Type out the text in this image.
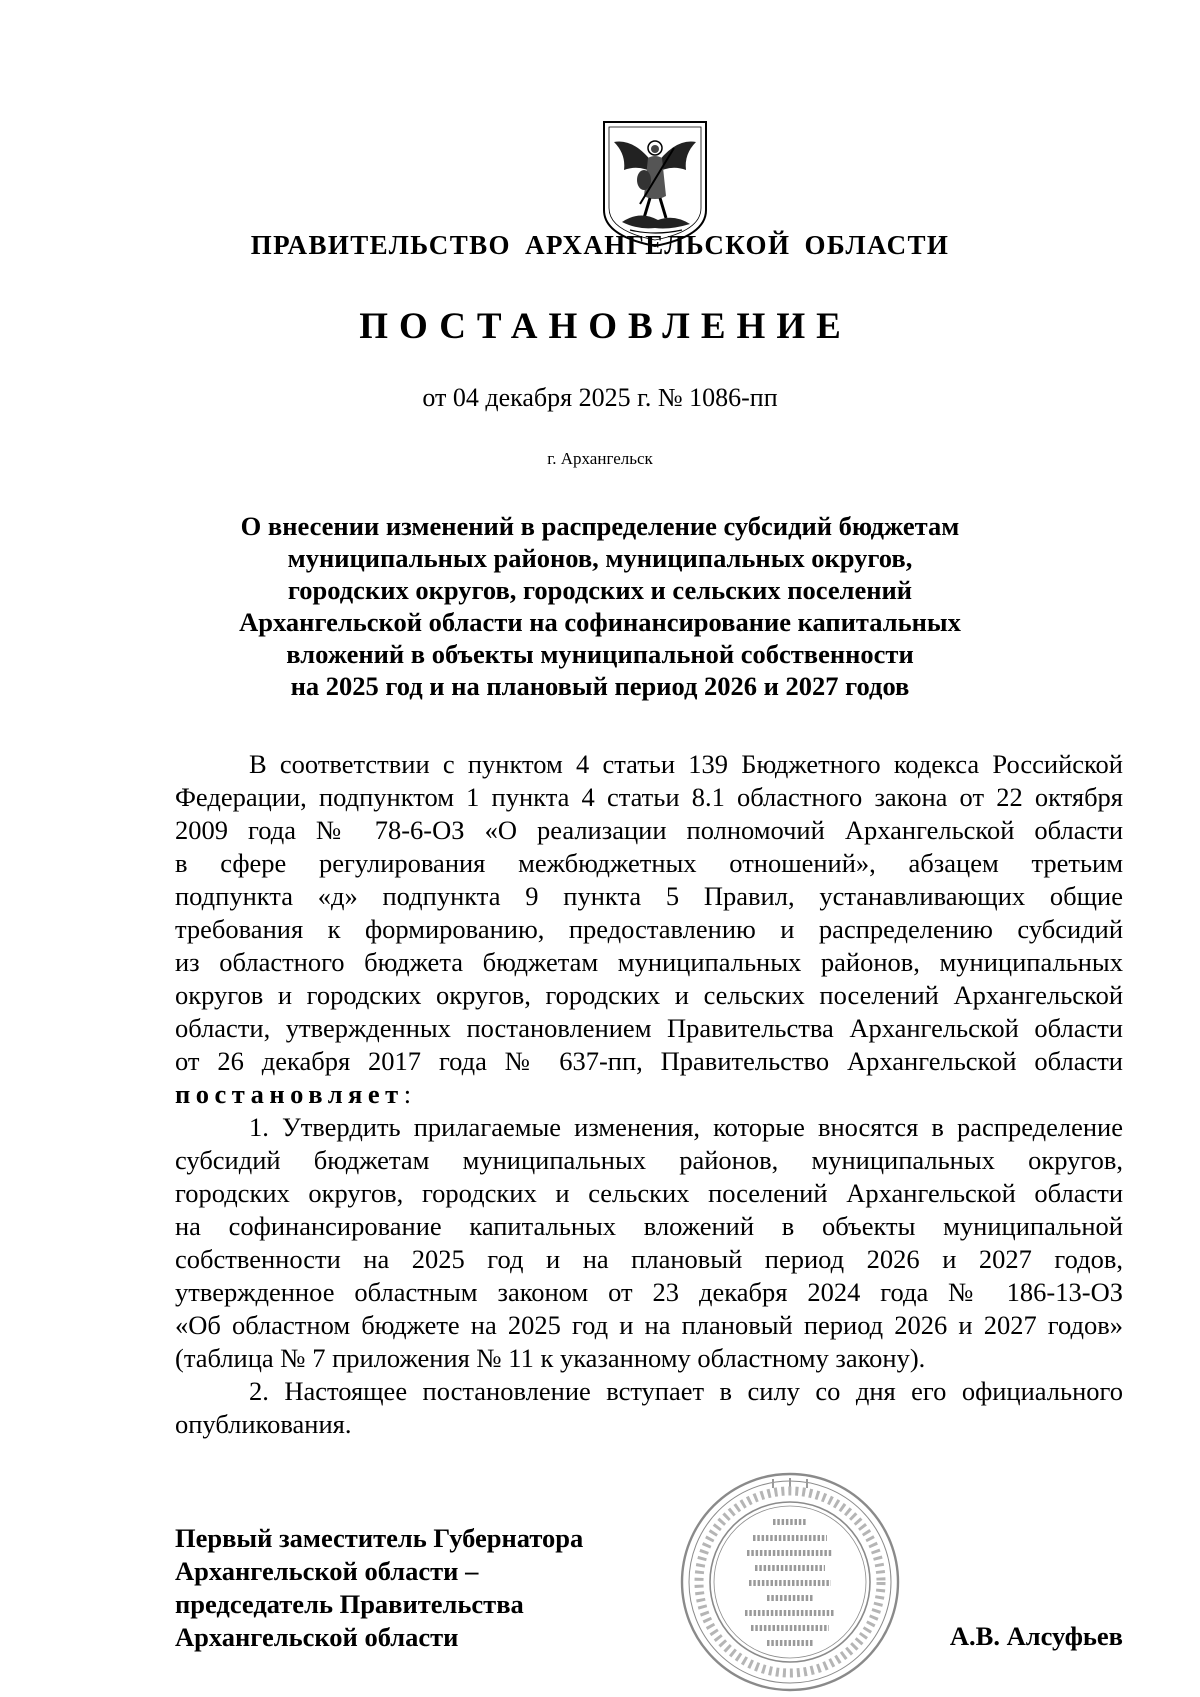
ПРАВИТЕЛЬСТВО АРХАНГЕЛЬСКОЙ ОБЛАСТИ
ПОСТАНОВЛЕНИЕ
от 04 декабря 2025 г. № 1086-пп
г. Архангельск
О внесении изменений в распределение субсидий бюджетам
муниципальных районов, муниципальных округов,
городских округов, городских и сельских поселений
Архангельской области на софинансирование капитальных
вложений в объекты муниципальной собственности
на 2025 год и на плановый период 2026 и 2027 годов
В соответствии с пунктом 4 статьи 139 Бюджетного кодекса Российской
Федерации, подпунктом 1 пункта 4 статьи 8.1 областного закона от 22 октября
2009 года № 78-6-ОЗ «О реализации полномочий Архангельской области
в сфере регулирования межбюджетных отношений», абзацем третьим
подпункта «д» подпункта 9 пункта 5 Правил, устанавливающих общие
требования к формированию, предоставлению и распределению субсидий
из областного бюджета бюджетам муниципальных районов, муниципальных
округов и городских округов, городских и сельских поселений Архангельской
области, утвержденных постановлением Правительства Архангельской области
от 26 декабря 2017 года № 637-пп, Правительство Архангельской области
постановляет:
1. Утвердить прилагаемые изменения, которые вносятся в распределение
субсидий бюджетам муниципальных районов, муниципальных округов,
городских округов, городских и сельских поселений Архангельской области
на софинансирование капитальных вложений в объекты муниципальной
собственности на 2025 год и на плановый период 2026 и 2027 годов,
утвержденное областным законом от 23 декабря 2024 года № 186-13-ОЗ
«Об областном бюджете на 2025 год и на плановый период 2026 и 2027 годов»
(таблица № 7 приложения № 11 к указанному областному закону).
2. Настоящее постановление вступает в силу со дня его официального
опубликования.
Первый заместитель Губернатора
Архангельской области –
председатель Правительства
Архангельской области	А.В. Алсуфьев
